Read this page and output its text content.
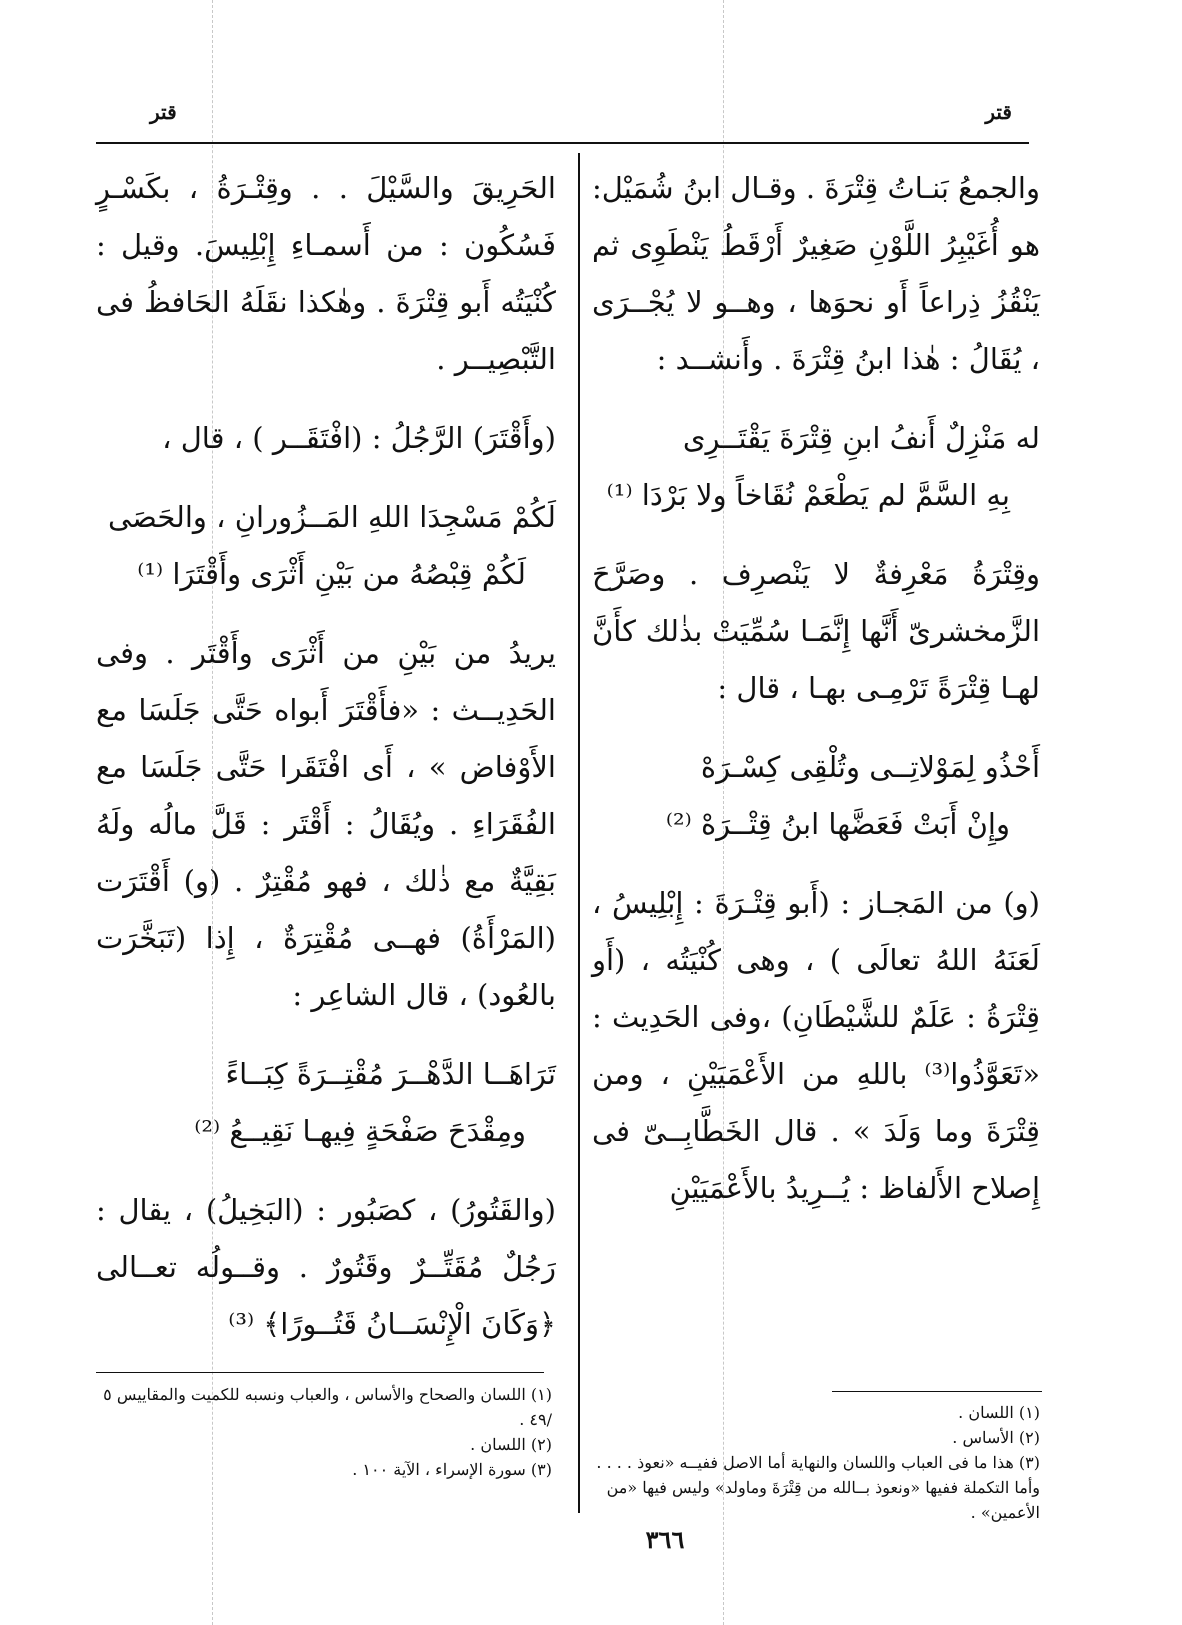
قتر
قتر

والجمعُ بَنـاتُ قِتْرَةَ . وقـال ابنُ شُمَيْل: هو أُغَيْبِرُ اللَّوْنِ صَغِيرٌ أَرْقَطُ يَنْطَوِى ثم يَنْقُزُ ذِراعاً أَو نحوَها ، وهــو لا يُجْــرَى ، يُقَالُ : هٰذا ابنُ قِتْرَةَ . وأَنشــد :

له مَنْزِلٌ أَنفُ ابنِ قِتْرَةَ يَقْتَــرِى
بِهِ السَّمَّ لم يَطْعَمْ نُقَاخاً ولا بَرْدَا ⁽¹⁾

وقِتْرَةُ مَعْرِفةٌ لا يَنْصرِف . وصَرَّحَ الزَّمخشرىّ أَنَّها إِنَّمَـا سُمِّيَتْ بذٰلك كأَنَّ لهـا قِتْرَةً تَرْمِـى بهـا ، قال :

أَحْذُو لِمَوْلاتِــى وتُلْقِى كِسْـرَهْ
وإِنْ أَبَتْ فَعَضَّها ابنُ قِتْــرَهْ ⁽²⁾

(و) من المَجـاز : (أَبو قِتْـرَةَ : إِبْلِيسُ ، لَعَنَهُ اللهُ تعالَى ) ، وهى كُنْيَتُه ، (أَو قِتْرَةُ : عَلَمٌ للشَّيْطَانِ) ،وفى الحَدِيث : «تَعَوَّذُوا⁽³⁾ باللهِ من الأَعْمَيَيْنِ ، ومن قِتْرَةَ وما وَلَدَ » . قال الخَطَّابِــىّ فى إِصلاح الأَلفاظ : يُــرِيدُ بالأَعْمَيَيْنِ

الحَرِيقَ والسَّيْلَ . . وقِتْـرَةُ ، بكَسْـرٍ فَسُكُون : من أَسمـاءِ إِبْلِيسَ. وقيل : كُنْيَتُه أَبو قِتْرَةَ . وهٰكذا نقَلَهُ الحَافظُ فى التَّبْصِيــر .

(وأَقْتَرَ) الرَّجُلُ : (افْتَقَــر ) ، قال ،

لَكُمْ مَسْجِدَا اللهِ المَــزُورانِ ، والحَصَى
لَكُمْ قِبْصُهُ من بَيْنِ أَثْرَى وأَقْتَرَا ⁽¹⁾

يريدُ من بَيْنِ من أَثْرَى وأَقْتَر . وفى الحَدِيــث : «فأَقْتَرَ أَبواه حَتَّى جَلَسَا مع الأَوْفاض » ، أَى افْتَقَرا حَتَّى جَلَسَا مع الفُقَرَاءِ . ويُقَالُ : أَقْتَر : قَلَّ مالُه ولَهُ بَقِيَّةٌ مع ذٰلك ، فهو مُقْتِرٌ . (و) أَقْتَرَت (المَرْأَةُ) فهــى مُقْتِرَةٌ ، إِذا (تَبَخَّرَت بالعُود) ، قال الشاعِر :

تَرَاهَــا الدَّهْــرَ مُقْتِــرَةً كِبَــاءً
ومِقْدَحَ صَفْحَةٍ فِيهـا نَقِيــعُ ⁽²⁾

(والقَتُورُ) ، كصَبُور : (البَخِيلُ) ، يقال : رَجُلٌ مُقَتِّــرٌ وقَتُورٌ . وقــولُه تعــالى ﴿وَكَانَ الْإِنْسَــانُ قَتُــورًا﴾ ⁽³⁾

(١) اللسان .
(٢) الأساس .
(٣) هذا ما فى العباب واللسان والنهاية أما الاصل ففيــه «نعوذ . . . . وأما التكملة ففيها «ونعوذ بــالله من قِتْرَةَ وماولد» وليس فيها «من الأعمين» .
(١) اللسان والصحاح والأساس ، والعباب ونسبه للكميت والمقاييس ٥ /٤٩ .
(٢) اللسان .
(٣) سورة الإسراء ، الآية ١٠٠ .
٣٦٦
